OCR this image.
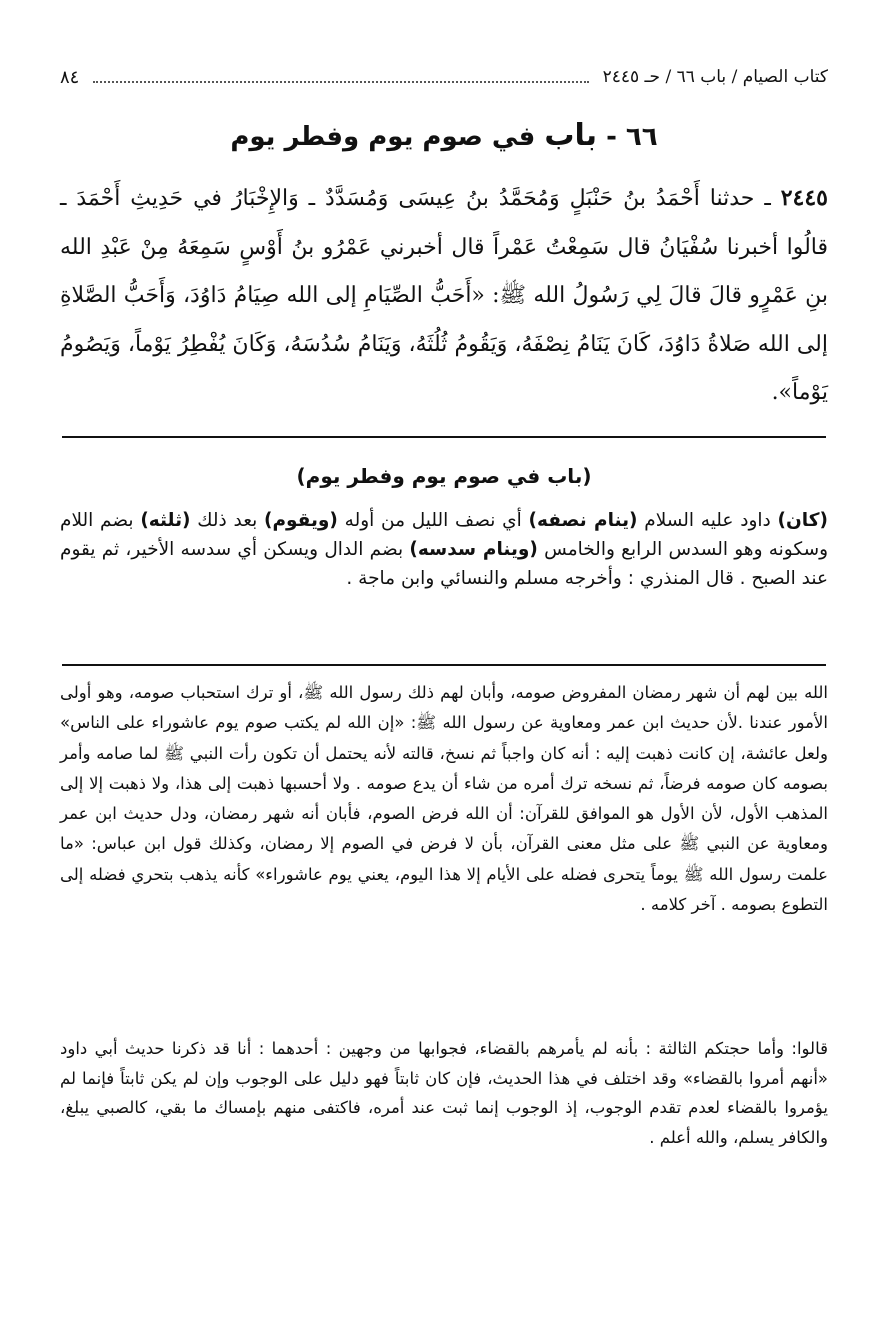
كتاب الصيام / باب ٦٦ / حـ ٢٤٤٥
٨٤
٦٦ - باب في صوم يوم وفطر يوم

٢٤٤٥ ـ حدثنا أَحْمَدُ بنُ حَنْبَلٍ وَمُحَمَّدُ بنُ عِيسَى وَمُسَدَّدٌ ـ وَالإِخْبَارُ في حَدِيثِ أَحْمَدَ ـ قالُوا أخبرنا سُفْيَانُ قال سَمِعْتُ عَمْراً قال أخبرني عَمْرُو بنُ أَوْسٍ سَمِعَهُ مِنْ عَبْدِ الله بنِ عَمْرٍو قالَ قالَ لِي رَسُولُ الله ﷺ: «أَحَبُّ الصِّيَامِ إلى الله صِيَامُ دَاوُدَ، وَأَحَبُّ الصَّلاةِ إلى الله صَلاةُ دَاوُدَ، كَانَ يَنَامُ نِصْفَهُ، وَيَقُومُ ثُلُثَهُ، وَيَنَامُ سُدُسَهُ، وَكَانَ يُفْطِرُ يَوْماً، وَيَصُومُ يَوْماً».

(باب في صوم يوم وفطر يوم)

(كان) داود عليه السلام (ينام نصفه) أي نصف الليل من أوله (ويقوم) بعد ذلك (ثلثه) بضم اللام وسكونه وهو السدس الرابع والخامس (وينام سدسه) بضم الدال ويسكن أي سدسه الأخير، ثم يقوم عند الصبح . قال المنذري : وأخرجه مسلم والنسائي وابن ماجة .

الله بين لهم أن شهر رمضان المفروض صومه، وأبان لهم ذلك رسول الله ﷺ، أو ترك استحباب صومه، وهو أولى الأمور عندنا .لأن حديث ابن عمر ومعاوية عن رسول الله ﷺ: «إن الله لم يكتب صوم يوم عاشوراء على الناس» ولعل عائشة، إن كانت ذهبت إليه : أنه كان واجباً ثم نسخ، قالته لأنه يحتمل أن تكون رأت النبي ﷺ لما صامه وأمر بصومه كان صومه فرضاً، ثم نسخه ترك أمره من شاء أن يدع صومه . ولا أحسبها ذهبت إلى هذا، ولا ذهبت إلا إلى المذهب الأول، لأن الأول هو الموافق للقرآن: أن الله فرض الصوم، فأبان أنه شهر رمضان، ودل حديث ابن عمر ومعاوية عن النبي ﷺ على مثل معنى القرآن، بأن لا فرض في الصوم إلا رمضان، وكذلك قول ابن عباس: «ما علمت رسول الله ﷺ يوماً يتحرى فضله على الأيام إلا هذا اليوم، يعني يوم عاشوراء» كأنه يذهب بتحري فضله إلى التطوع بصومه . آخر كلامه .

قالوا: وأما حجتكم الثالثة : بأنه لم يأمرهم بالقضاء، فجوابها من وجهين : أحدهما : أنا قد ذكرنا حديث أبي داود «أنهم أمروا بالقضاء» وقد اختلف في هذا الحديث، فإن كان ثابتاً فهو دليل على الوجوب وإن لم يكن ثابتاً فإنما لم يؤمروا بالقضاء لعدم تقدم الوجوب، إذ الوجوب إنما ثبت عند أمره، فاكتفى منهم بإمساك ما بقي، كالصبي يبلغ، والكافر يسلم، والله أعلم .
